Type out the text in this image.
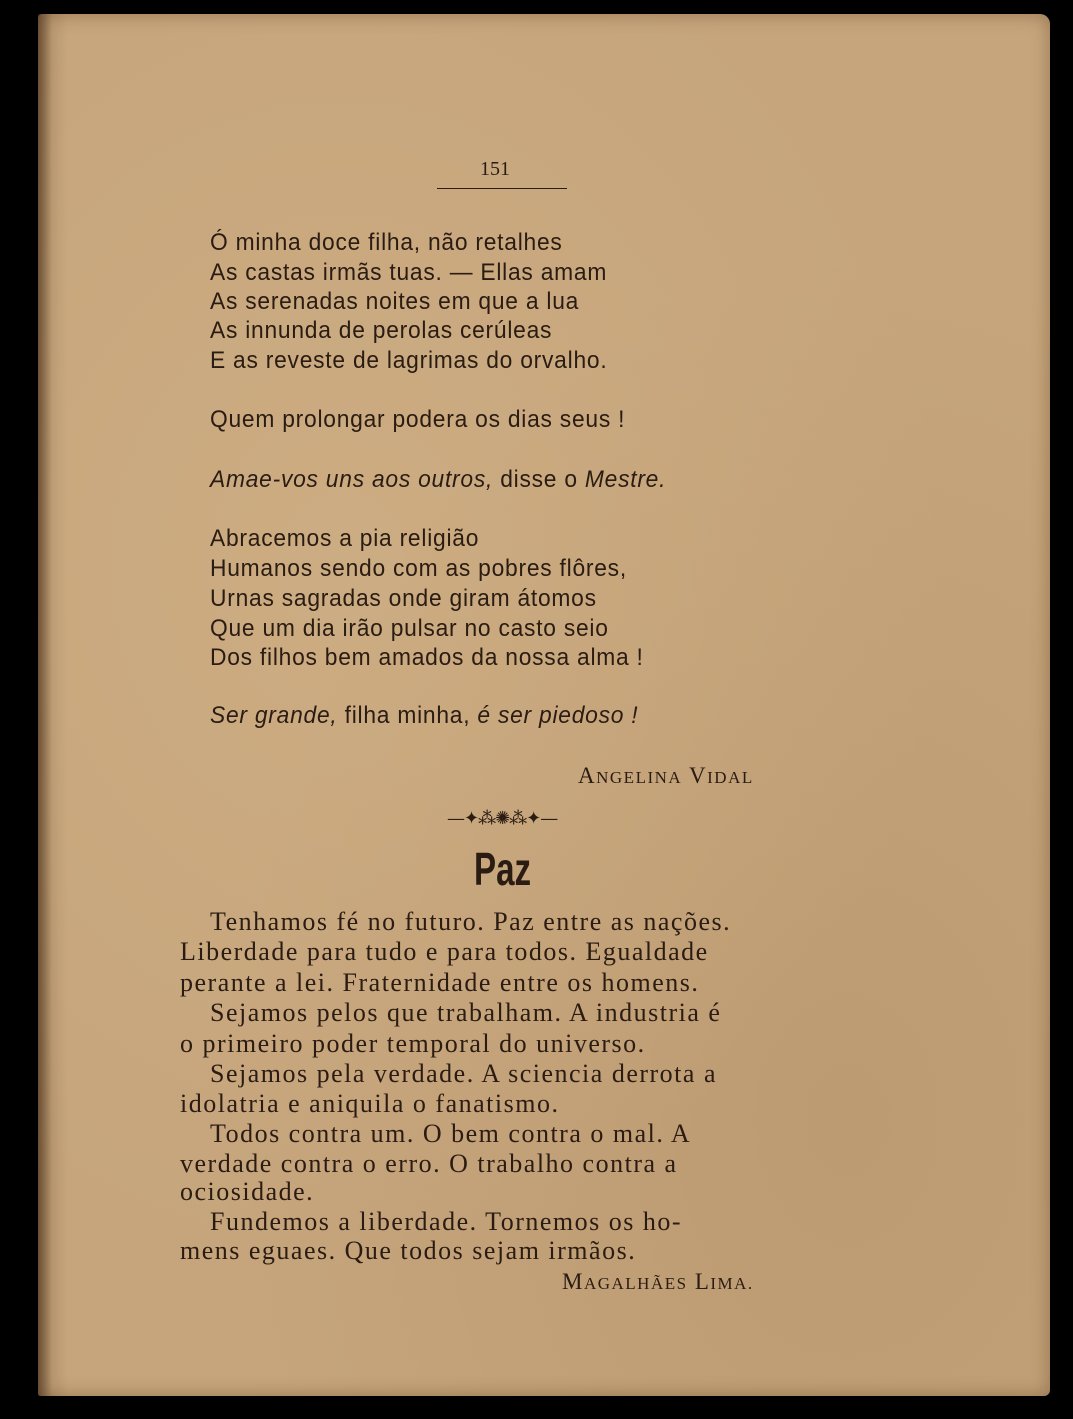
151
Ó minha doce filha, não retalhes
As castas irmãs tuas. — Ellas amam
As serenadas noites em que a lua
As innunda de perolas cerúleas
E as reveste de lagrimas do orvalho.
Quem prolongar podera os dias seus !
Amae-vos uns aos outros, disse o Mestre.
Abracemos a pia religião
Humanos sendo com as pobres flôres,
Urnas sagradas onde giram átomos
Que um dia irão pulsar no casto seio
Dos filhos bem amados da nossa alma !
Ser grande, filha minha, é ser piedoso !
ANGELINA VIDAL
—✦⁂✺⁂✦—
Paz
Tenhamos fé no futuro. Paz entre as nações.
Liberdade para tudo e para todos. Egualdade
perante a lei. Fraternidade entre os homens.
Sejamos pelos que trabalham. A industria é
o primeiro poder temporal do universo.
Sejamos pela verdade. A sciencia derrota a
idolatria e aniquila o fanatismo.
Todos contra um. O bem contra o mal. A
verdade contra o erro. O trabalho contra a
ociosidade.
Fundemos a liberdade. Tornemos os ho-
mens eguaes. Que todos sejam irmãos.
MAGALHÃES LIMA.
